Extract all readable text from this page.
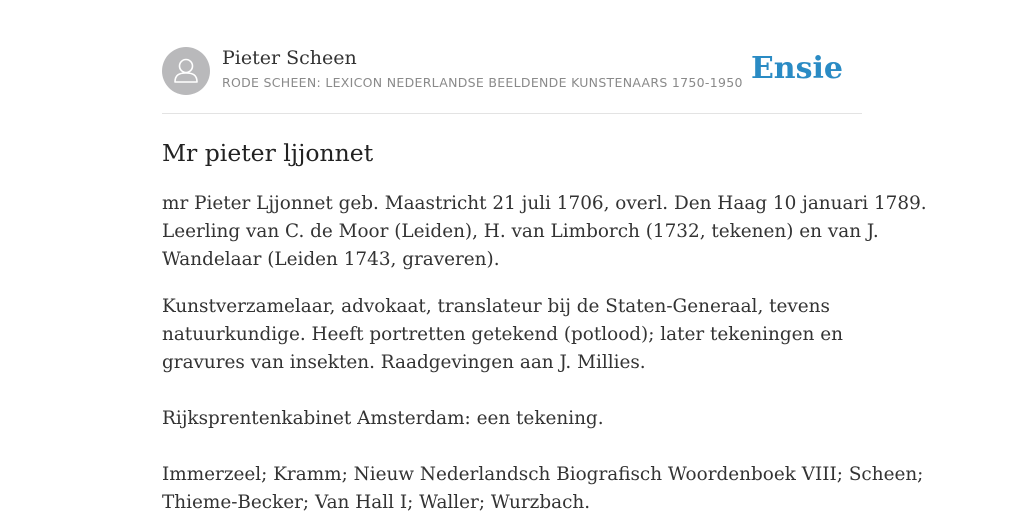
Pieter Scheen
RODE SCHEEN: LEXICON NEDERLANDSE BEELDENDE KUNSTENAARS 1750-1950 Ensie
Mr pieter ljjonnet

mr Pieter Ljjonnet geb. Maastricht 21 juli 1706, overl. Den Haag 10 januari 1789.
Leerling van C. de Moor (Leiden), H. van Limborch (1732, tekenen) en van J.
Wandelaar (Leiden 1743, graveren).

Kunstverzamelaar, advokaat, translateur bij de Staten-Generaal, tevens
natuurkundige. Heeft portretten getekend (potlood); later tekeningen en
gravures van insekten. Raadgevingen aan J. Millies.
Rijksprentenkabinet Amsterdam: een tekening.
Immerzeel; Kramm; Nieuw Nederlandsch Biografisch Woordenboek VIII; Scheen;
Thieme-Becker; Van Hall I; Waller; Wurzbach.
